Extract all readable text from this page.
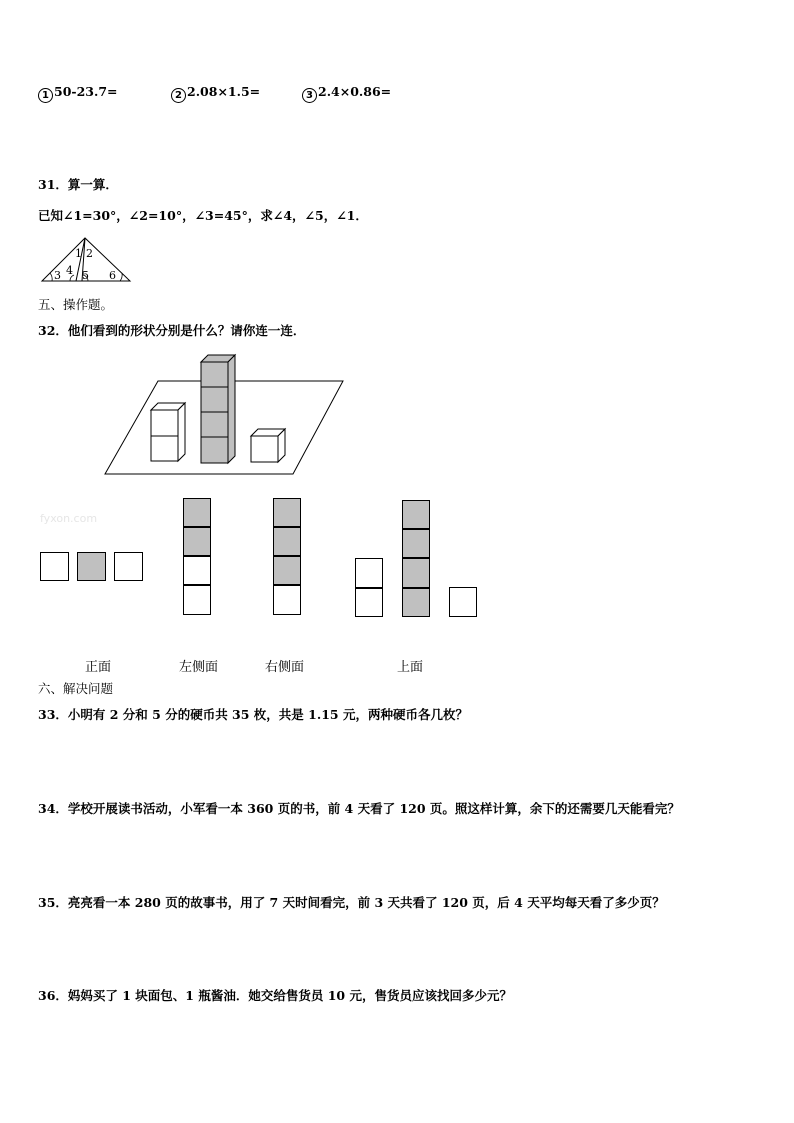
1 50-23.7=	2 2.08×1.5=	3 2.4×0.86=
31．算一算．
已知∠1=30°，∠2=10°，∠3=45°，求∠4，∠5，∠1．
1 2
3 4 5 6
五、操作题。
32．他们看到的形状分别是什么？请你连一连．
fyxon.com
正面	左侧面	右侧面	上面
六、解决问题
33．小明有 2 分和 5 分的硬币共 35 枚，共是 1.15 元，两种硬币各几枚？
34．学校开展读书活动，小军看一本 360 页的书，前 4 天看了 120 页。照这样计算，余下的还需要几天能看完？
35．亮亮看一本 280 页的故事书，用了 7 天时间看完，前 3 天共看了 120 页，后 4 天平均每天看了多少页？
36．妈妈买了 1 块面包、1 瓶酱油．她交给售货员 10 元，售货员应该找回多少元？
